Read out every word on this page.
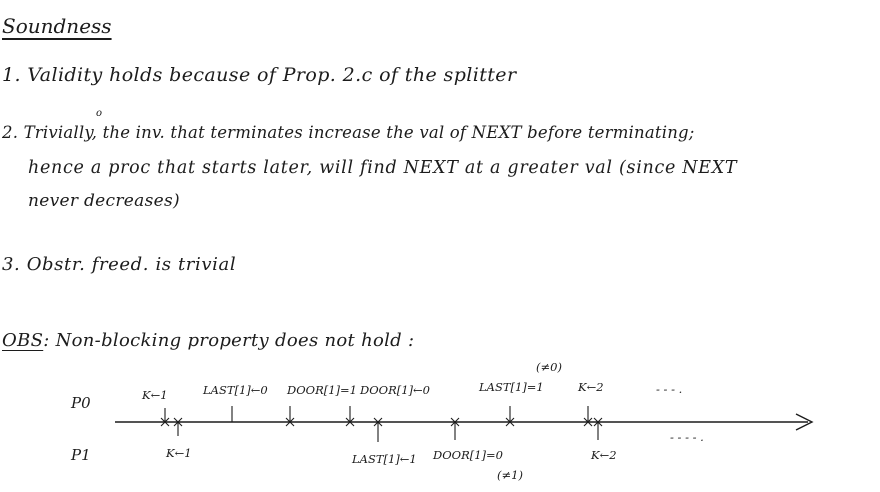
Soundness
1. Validity holds because of Prop. 2.c of the splitter
o
2. Trivially, the inv. that terminates increase the val of NEXT before terminating;
hence a proc that starts later, will find NEXT at a greater val (since NEXT
never decreases)
3. Obstr. freed. is trivial
OBS: Non-blocking property does not hold :
P0
P1
(≠0)
K←1	LAST[1]←0 DOOR[1]=1 DOOR[1]←0	LAST[1]=1	K←2	- - - .
K←1	LAST[1]←1 DOOR[1]=0	K←2
- - - - .
(≠1)
